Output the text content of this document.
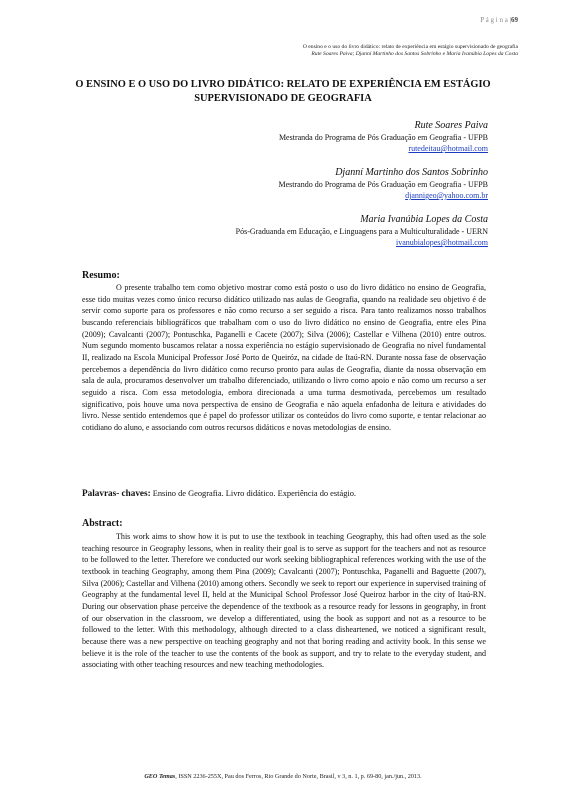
P á g i n a |69
O ensino e o uso do livro didático: relato de experiência em estágio supervisionado de geografia
Rute Soares Paiva; Djanní Martinho dos Santos Sobrinho e Maria Ivanúbia Lopes da Costa
O ENSINO E O USO DO LIVRO DIDÁTICO: RELATO DE EXPERIÊNCIA EM ESTÁGIO SUPERVISIONADO DE GEOGRAFIA
Rute Soares Paiva
Mestranda do Programa de Pós Graduação em Geografia - UFPB
rutedeitau@hotmail.com
Djanní Martinho dos Santos Sobrinho
Mestrando do Programa de Pós Graduação em Geografia - UFPB
djannigeo@yahoo.com.br
Maria Ivanúbia Lopes da Costa
Pós-Graduanda em Educação, e Linguagens para a Multiculturalidade - UERN
ivanubialopes@hotmail.com
Resumo:

O presente trabalho tem como objetivo mostrar como está posto o uso do livro didático no ensino de Geografia, esse tido muitas vezes como único recurso didático utilizado nas aulas de Geografia, quando na realidade seu objetivo é de servir como suporte para os professores e não como recurso a ser seguido a risca. Para tanto realizamos nosso trabalhos buscando referenciais bibliográficos que trabalham com o uso do livro didático no ensino de Geografia, entre eles Pina (2009); Cavalcanti (2007); Pontuschka, Paganelli e Cacete (2007); Silva (2006); Castellar e Vilhena (2010) entre outros. Num segundo momento buscamos relatar a nossa experiência no estágio supervisionado de Geografia no nível fundamental II, realizado na Escola Municipal Professor José Porto de Queiróz, na cidade de Itaú-RN. Durante nossa fase de observação percebemos a dependência do livro didático como recurso pronto para aulas de Geografia, diante da nossa observação em sala de aula, procuramos desenvolver um trabalho diferenciado, utilizando o livro como apoio e não como um recurso a ser seguido a risca. Com essa metodologia, embora direcionada a uma turma desmotivada, percebemos um resultado significativo, pois houve uma nova perspectiva de ensino de Geografia e não aquela enfadonha de leitura e atividades do livro. Nesse sentido entendemos que é papel do professor utilizar os conteúdos do livro como suporte, e tentar relacionar ao cotidiano do aluno, e associando com outros recursos didáticos e novas metodologias de ensino.

Palavras- chaves: Ensino de Geografia. Livro didático. Experiência do estágio.
Abstract:

This work aims to show how it is put to use the textbook in teaching Geography, this had often used as the sole teaching resource in Geography lessons, when in reality their goal is to serve as support for the teachers and not as resource to be followed to the letter. Therefore we conducted our work seeking bibliographical references working with the use of the textbook in teaching Geography, among them Pina (2009); Cavalcanti (2007); Pontuschka, Paganelli and Baguette (2007), Silva (2006); Castellar and Vilhena (2010) among others. Secondly we seek to report our experience in supervised training of Geography at the fundamental level II, held at the Municipal School Professor José Queiroz harbor in the city of Itaú-RN. During our observation phase perceive the dependence of the textbook as a resource ready for lessons in geography, in front of our observation in the classroom, we develop a differentiated, using the book as support and not as a resource to be followed to the letter. With this methodology, although directed to a class disheartened, we noticed a significant result, because there was a new perspective on teaching geography and not that boring reading and activity book. In this sense we believe it is the role of the teacher to use the contents of the book as support, and try to relate to the everyday student, and associating with other teaching resources and new teaching methodologies.

GEO Temas, ISSN 2236-255X, Pau dos Ferros, Rio Grande do Norte, Brasil, v 3, n. 1, p. 69-80, jan./jun., 2013.
